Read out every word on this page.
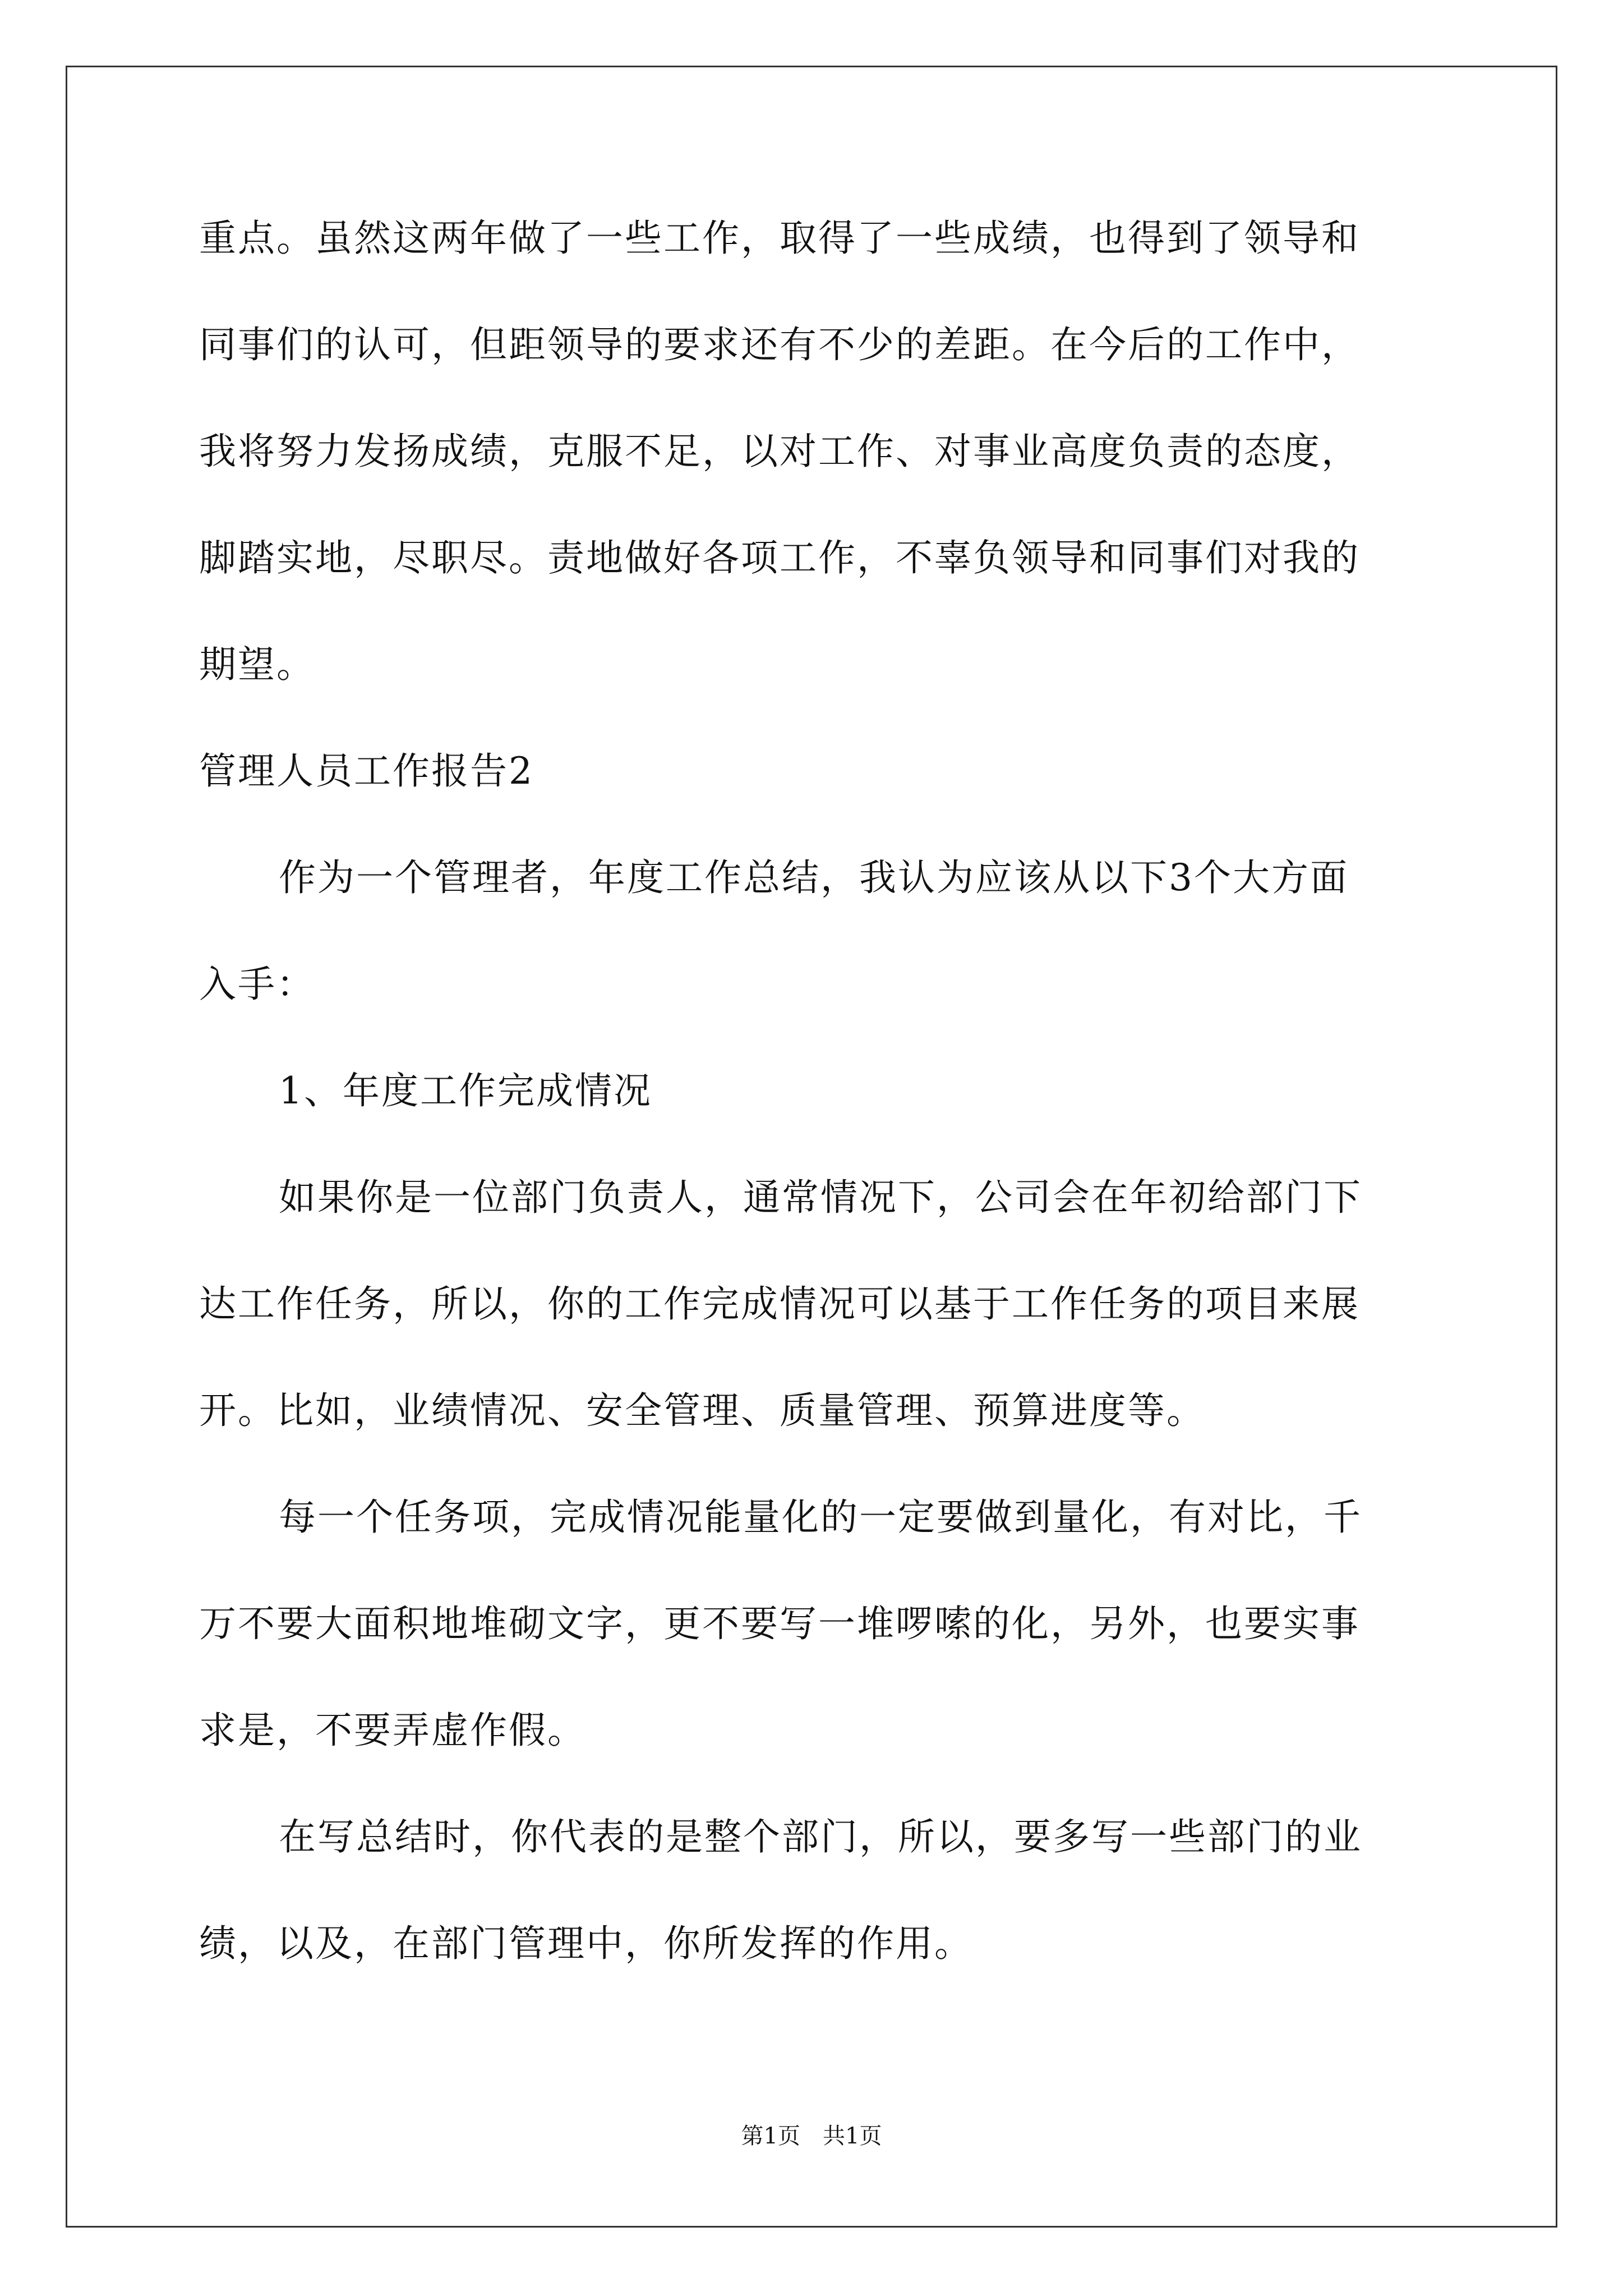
重点。虽然这两年做了一些工作，取得了一些成绩，也得到了领导和
同事们的认可，但距领导的要求还有不少的差距。在今后的工作中，
我将努力发扬成绩，克服不足，以对工作、对事业高度负责的态度，
脚踏实地，尽职尽。责地做好各项工作，不辜负领导和同事们对我的
期望。
管理人员工作报告2
作为一个管理者，年度工作总结，我认为应该从以下3个大方面
入手：
1、年度工作完成情况
如果你是一位部门负责人，通常情况下，公司会在年初给部门下
达工作任务，所以，你的工作完成情况可以基于工作任务的项目来展
开。比如，业绩情况、安全管理、质量管理、预算进度等。
每一个任务项，完成情况能量化的一定要做到量化，有对比，千
万不要大面积地堆砌文字，更不要写一堆啰嗦的化，另外，也要实事
求是，不要弄虚作假。
在写总结时，你代表的是整个部门，所以，要多写一些部门的业
绩，以及，在部门管理中，你所发挥的作用。
第1页　共1页
